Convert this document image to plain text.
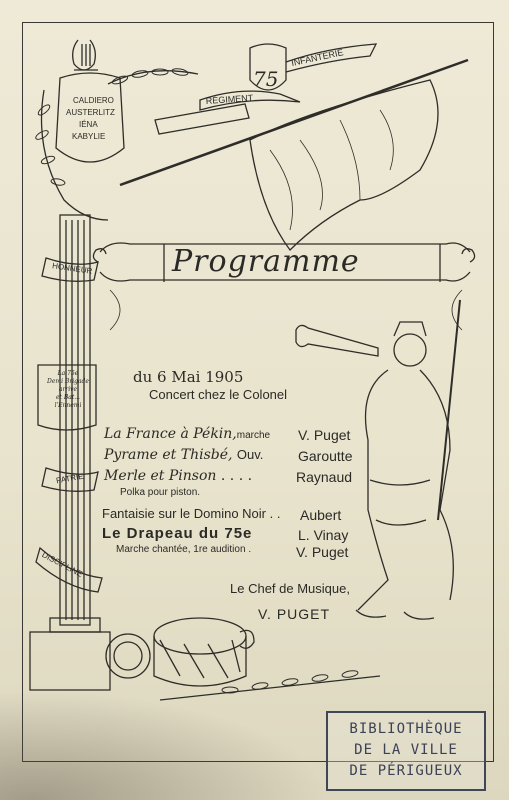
75
INFANTERIE
RÉGIMENT
CALDIERO
AUSTERLITZ
IÉNA
KABYLIE
HONNEUR
PATRIE
DISCIPLINE
La 75e
Demi Brigade
arrive
et Bat...
l'Ennemi
Programme
du 6 Mai 1905
Concert chez le Colonel
La France à Pékin,marche V. Puget
Pyrame et Thisbé, Ouv. Garoutte
Merle et Pinson . . . .
Polka pour piston.
Raynaud
Fantaisie sur le Domino Noir . . Aubert
Le Drapeau du 75e	L. Vinay
Marche chantée, 1re audition .	V. Puget
Le Chef de Musique,
V. PUGET
BIBLIOTHÈQUE
DE LA VILLE
DE PÉRIGUEUX
